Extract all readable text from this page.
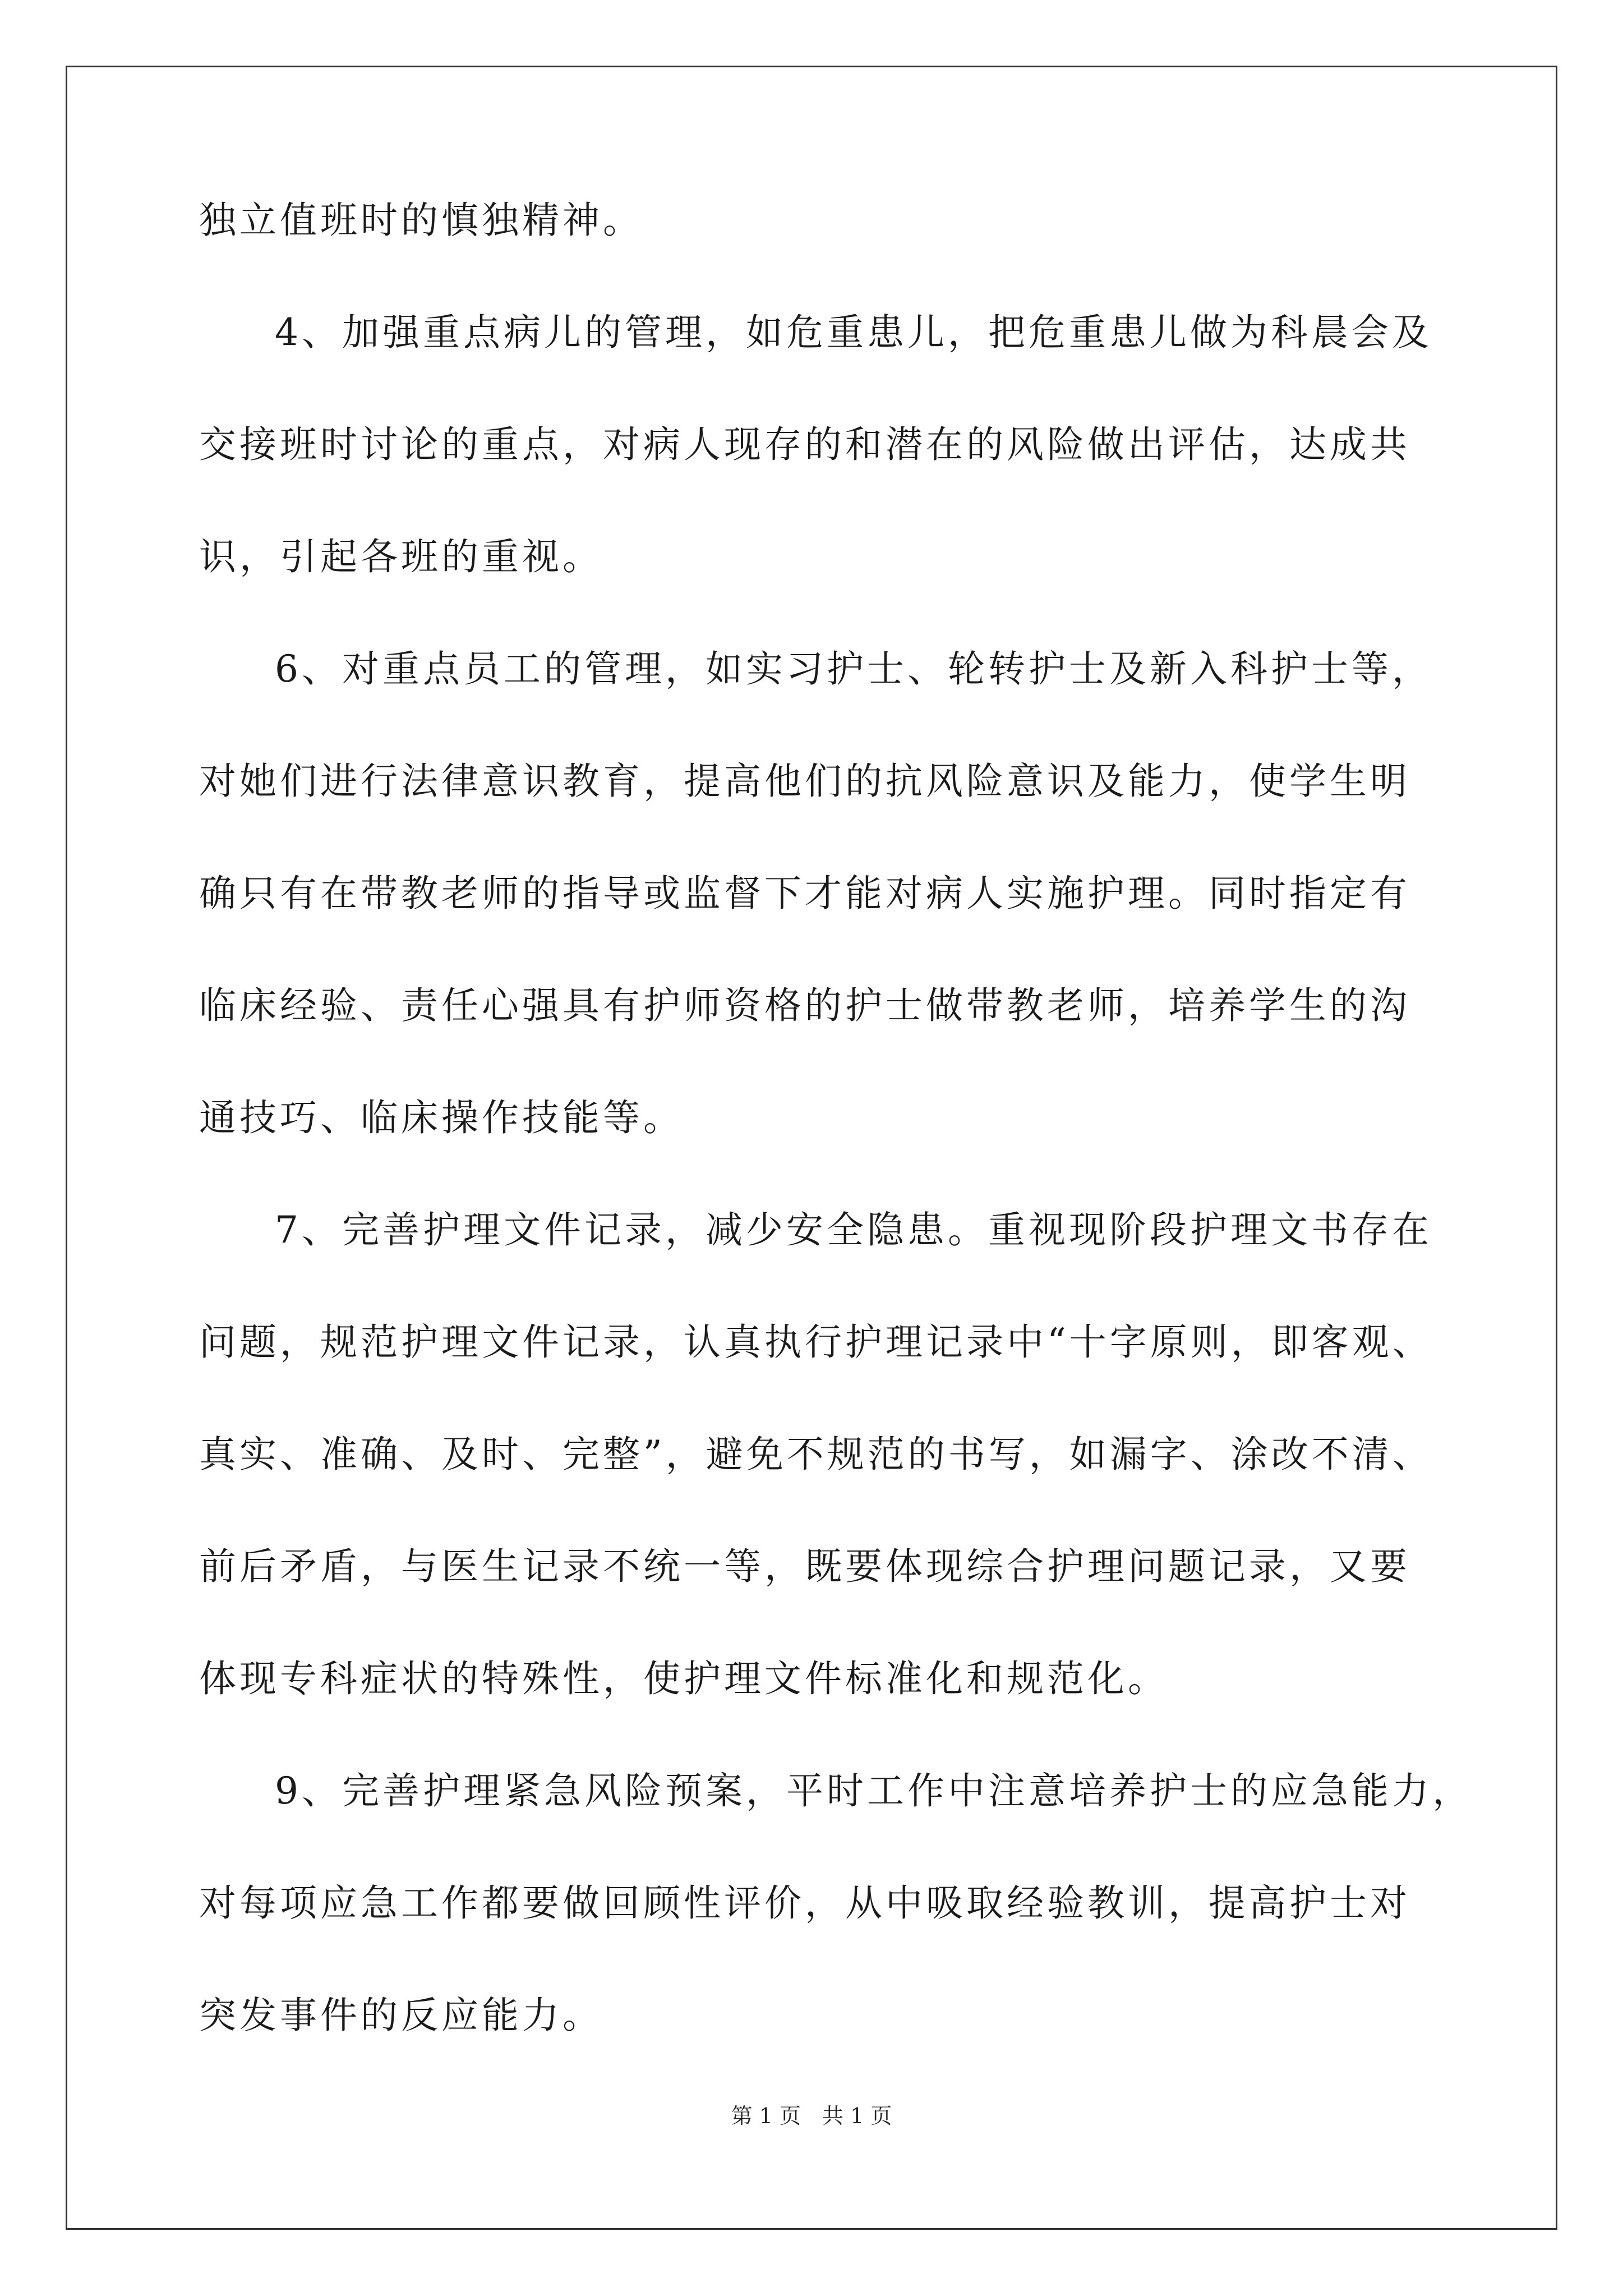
独立值班时的慎独精神。
4、加强重点病儿的管理，如危重患儿，把危重患儿做为科晨会及
交接班时讨论的重点，对病人现存的和潜在的风险做出评估，达成共
识，引起各班的重视。
6、对重点员工的管理，如实习护士、轮转护士及新入科护士等，
对她们进行法律意识教育，提高他们的抗风险意识及能力，使学生明
确只有在带教老师的指导或监督下才能对病人实施护理。同时指定有
临床经验、责任心强具有护师资格的护士做带教老师，培养学生的沟
通技巧、临床操作技能等。
7、完善护理文件记录，减少安全隐患。重视现阶段护理文书存在
问题，规范护理文件记录，认真执行护理记录中“十字原则，即客观、
真实、准确、及时、完整”，避免不规范的书写，如漏字、涂改不清、
前后矛盾，与医生记录不统一等，既要体现综合护理问题记录，又要
体现专科症状的特殊性，使护理文件标准化和规范化。
9、完善护理紧急风险预案，平时工作中注意培养护士的应急能力，
对每项应急工作都要做回顾性评价，从中吸取经验教训，提高护士对
突发事件的反应能力。
第 1 页　共 1 页
